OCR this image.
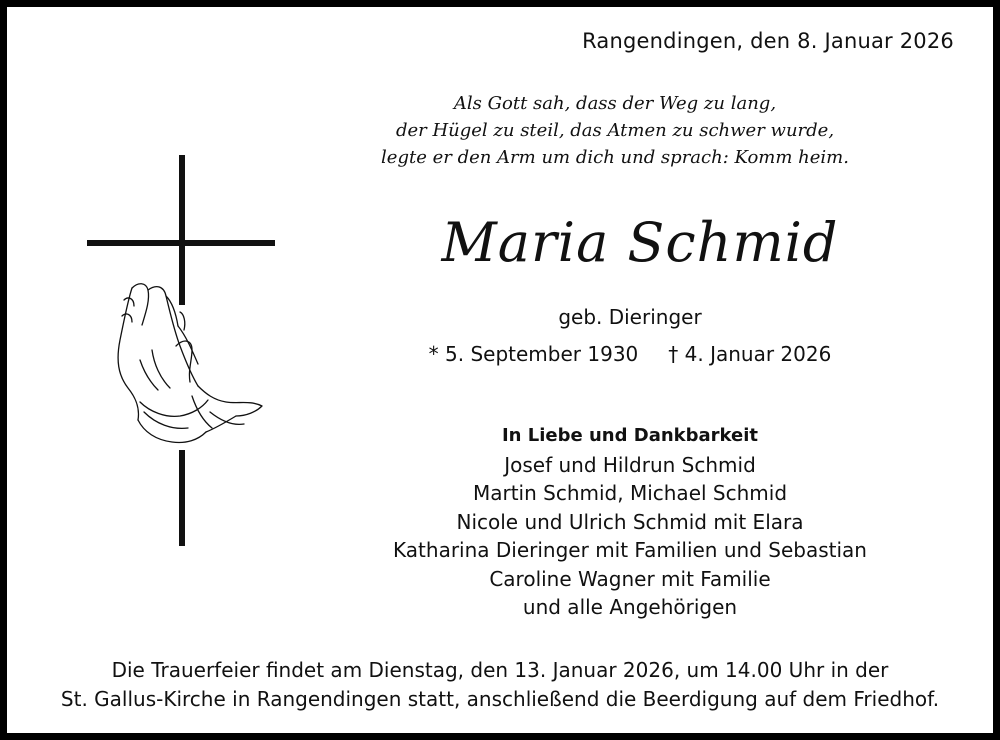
Rangendingen, den 8. Januar 2026
Als Gott sah, dass der Weg zu lang,
der Hügel zu steil, das Atmen zu schwer wurde,
legte er den Arm um dich und sprach: Komm heim.
Maria Schmid
geb. Dieringer
* 5. September 1930 † 4. Januar 2026
In Liebe und Dankbarkeit
Josef und Hildrun Schmid
Martin Schmid, Michael Schmid
Nicole und Ulrich Schmid mit Elara
Katharina Dieringer mit Familien und Sebastian
Caroline Wagner mit Familie
und alle Angehörigen
Die Trauerfeier findet am Dienstag, den 13. Januar 2026, um 14.00 Uhr in der
St. Gallus-Kirche in Rangendingen statt, anschließend die Beerdigung auf dem Friedhof.
